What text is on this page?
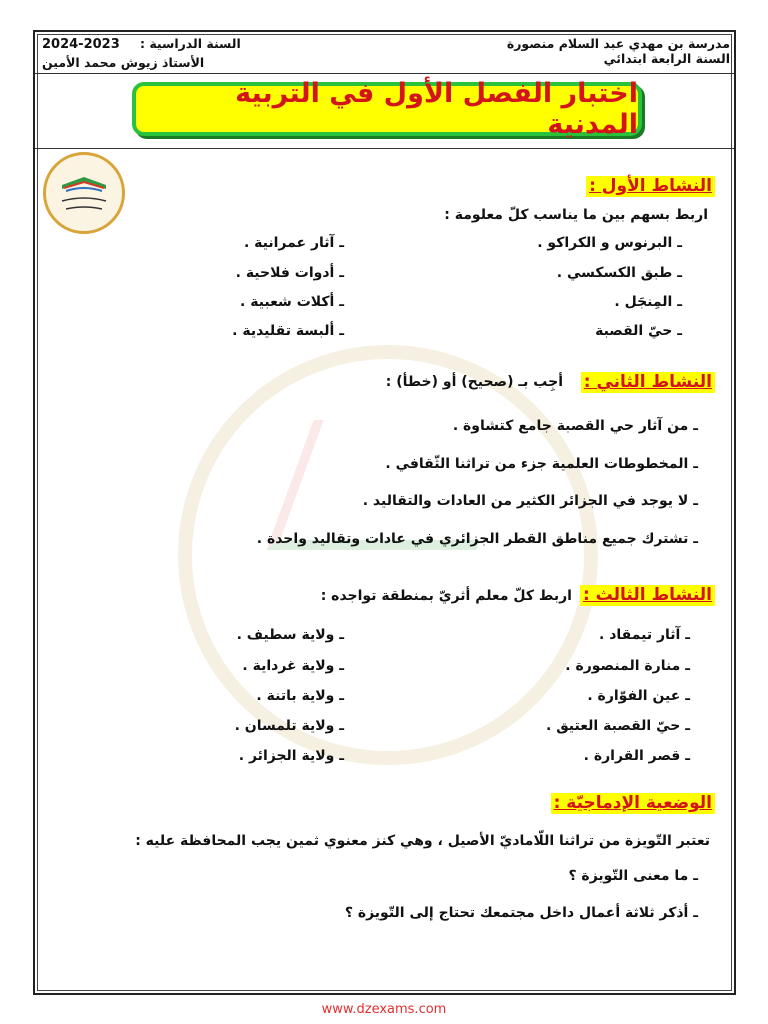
مدرسة بن مهدي عبد السلام منصورة
السنة الرابعة ابتدائي
2024-2023 السنة الدراسية :
الأستاذ زيوش محمد الأمين
اختبار الفصل الأول في التربية المدنية
النشاط الأول :
اربط بسهم بين ما يناسب كلّ معلومة :
ـ البرنوس و الكراكو .
ـ طبق الكسكسي .
ـ المِنجَل .
ـ حيّ القصبة
ـ آثار عمرانية .
ـ أدوات فلاحية .
ـ أكلات شعبية .
ـ ألبسة تقليدية .
النشاط الثاني :
أجِب بـ (صحيح) أو (خطأ) :
ـ من آثار حي القصبة جامع كتشاوة .
ـ المخطوطات العلمية جزء من تراثنا الثّقافي .
ـ لا يوجد في الجزائر الكثير من العادات والتقاليد .
ـ تشترك جميع مناطق القطر الجزائري في عادات وتقاليد واحدة .
النشاط الثالث :
اربط كلّ معلم أثريّ بمنطقة تواجده :
ـ آثار تيمقاد .
ـ منارة المنصورة .
ـ عين الفوّارة .
ـ حيّ القصبة العتيق .
ـ قصر القرارة .
ـ ولاية سطيف .
ـ ولاية غرداية .
ـ ولاية باتنة .
ـ ولاية تلمسان .
ـ ولاية الجزائر .
الوضعية الإدماجيّة :
تعتبر التّويزة من تراثنا اللّاماديّ الأصيل ، وهي كنز معنوي ثمين يجب المحافظة عليه :
ـ ما معنى التّويزة ؟
ـ أذكر ثلاثة أعمال داخل مجتمعك تحتاج إلى التّويزة ؟
www.dzexams.com
